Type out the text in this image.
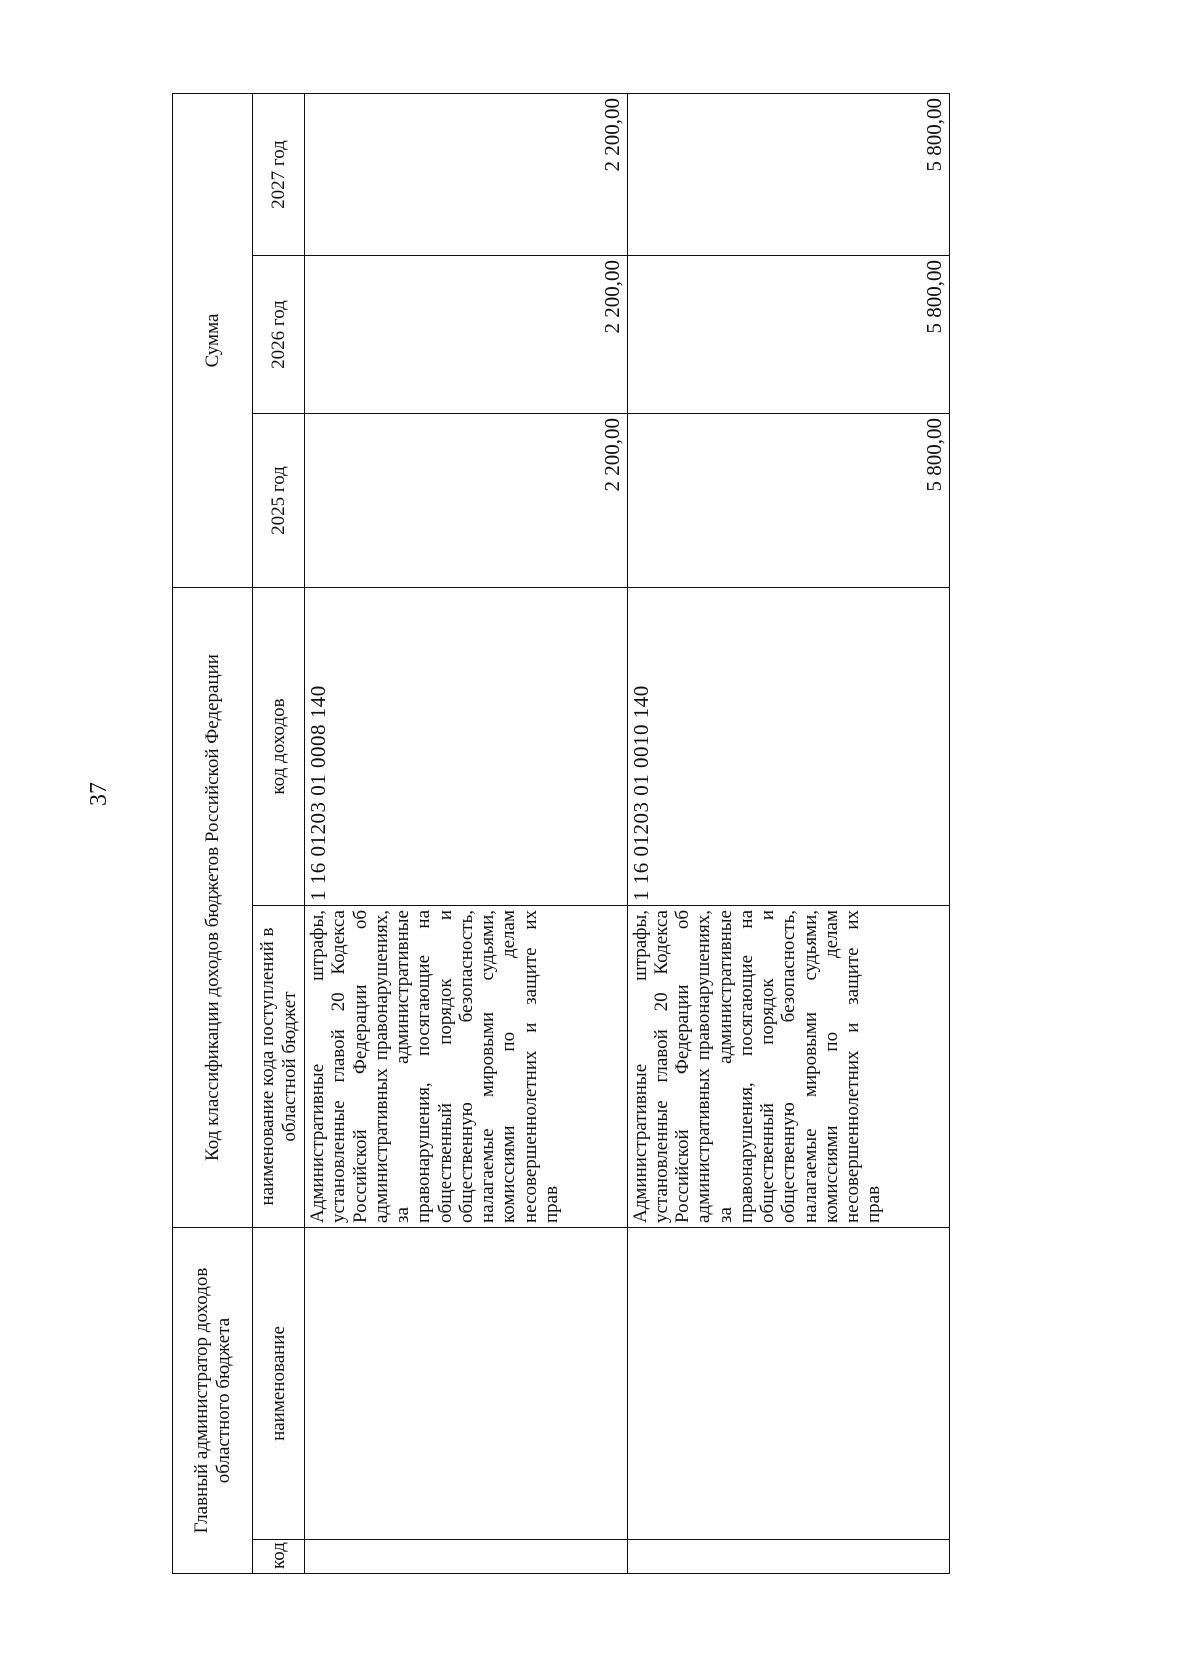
37
Главный администратор доходов областного бюджета		Код классификации доходов бюджетов Российской Федерации		Сумма		
код	наименование	наименование кода поступлений в областной бюджет	код доходов	2025 год	2026 год	2027 год
		Административные штрафы, установленные главой 20 Кодекса Российской Федерации об административных правонарушениях, за административные правонарушения, посягающие на общественный порядок и общественную безопасность, налагаемые мировыми судьями, комиссиями по делам несовершеннолетних и защите их прав	1 16 01203 01 0008 140	2 200,00	2 200,00	2 200,00
		Административные штрафы, установленные главой 20 Кодекса Российской Федерации об административных правонарушениях, за административные правонарушения, посягающие на общественный порядок и общественную безопасность, налагаемые мировыми судьями, комиссиями по делам несовершеннолетних и защите их прав	1 16 01203 01 0010 140	5 800,00	5 800,00	5 800,00
